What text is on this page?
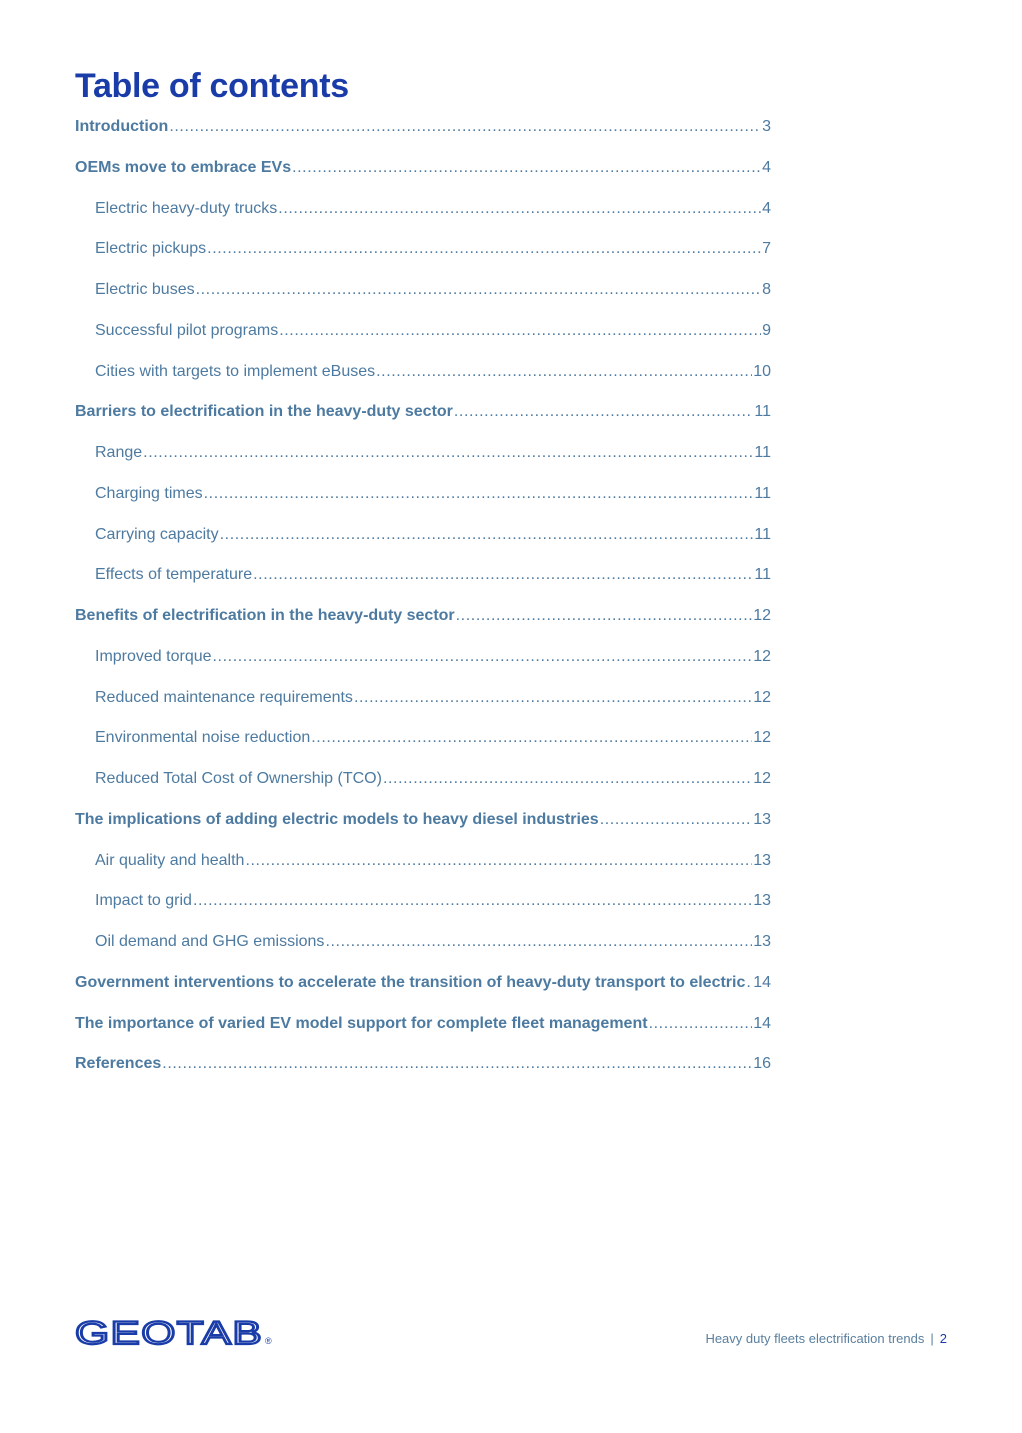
Table of contents
Introduction .....	3
OEMs move to embrace EVs .....	4
Electric heavy-duty trucks .....	4
Electric pickups .....	7
Electric buses .....	8
Successful pilot programs .....	9
Cities with targets to implement eBuses .....	10
Barriers to electrification in the heavy-duty sector .....	11
Range .....	11
Charging times .....	11
Carrying capacity .....	11
Effects of temperature .....	11
Benefits of electrification in the heavy-duty sector .....	12
Improved torque .....	12
Reduced maintenance requirements .....	12
Environmental noise reduction .....	12
Reduced Total Cost of Ownership (TCO) .....	12
The implications of adding electric models to heavy diesel industries .....	13
Air quality and health .....	13
Impact to grid .....	13
Oil demand and GHG emissions .....	13
Government interventions to accelerate the transition of heavy-duty transport to electric ..... 14
The importance of varied EV model support for complete fleet management .....	14
References .....	16
GEOTAB ®	Heavy duty fleets electrification trends | 2
